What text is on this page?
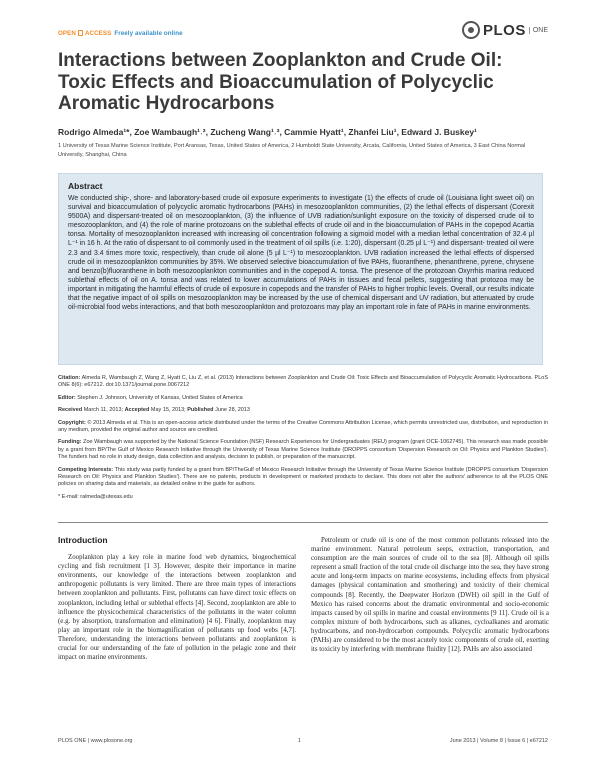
OPEN ACCESS Freely available online	PLOS	ONE
Interactions between Zooplankton and Crude Oil: Toxic Effects and Bioaccumulation of Polycyclic Aromatic Hydrocarbons
Rodrigo Almeda¹*, Zoe Wambaugh¹˒², Zucheng Wang¹˒³, Cammie Hyatt¹, Zhanfei Liu¹, Edward J. Buskey¹
1 University of Texas Marine Science Institute, Port Aransas, Texas, United States of America, 2 Humboldt State University, Arcata, California, United States of America, 3 East China Normal University, Shanghai, China
Abstract
We conducted ship-, shore- and laboratory-based crude oil exposure experiments to investigate (1) the effects of crude oil (Louisiana light sweet oil) on survival and bioaccumulation of polycyclic aromatic hydrocarbons (PAHs) in mesozooplankton communities, (2) the lethal effects of dispersant (Corexit 9500A) and dispersant-treated oil on mesozooplankton, (3) the influence of UVB radiation/sunlight exposure on the toxicity of dispersed crude oil to mesozooplankton, and (4) the role of marine protozoans on the sublethal effects of crude oil and in the bioaccumulation of PAHs in the copepod Acartia tonsa. Mortality of mesozooplankton increased with increasing oil concentration following a sigmoid model with a median lethal concentration of 32.4 µl L⁻¹ in 16 h. At the ratio of dispersant to oil commonly used in the treatment of oil spills (i.e. 1:20), dispersant (0.25 µl L⁻¹) and dispersant- treated oil were 2.3 and 3.4 times more toxic, respectively, than crude oil alone (5 µl L⁻¹) to mesozooplankton. UVB radiation increased the lethal effects of dispersed crude oil in mesozooplankton communities by 35%. We observed selective bioaccumulation of five PAHs, fluoranthene, phenanthrene, pyrene, chrysene and benzo(b)fluoranthene in both mesozooplankton communities and in the copepod A. tonsa. The presence of the protozoan Oxyrrhis marina reduced sublethal effects of oil on A. tonsa and was related to lower accumulations of PAHs in tissues and fecal pellets, suggesting that protozoa may be important in mitigating the harmful effects of crude oil exposure in copepods and the transfer of PAHs to higher trophic levels. Overall, our results indicate that the negative impact of oil spills on mesozooplankton may be increased by the use of chemical dispersant and UV radiation, but attenuated by crude oil-microbial food webs interactions, and that both mesozooplankton and protozoans may play an important role in fate of PAHs in marine environments.

Citation: Almeda R, Wambaugh Z, Wang Z, Hyatt C, Liu Z, et al. (2013) Interactions between Zooplankton and Crude Oil: Toxic Effects and Bioaccumulation of Polycyclic Aromatic Hydrocarbons. PLoS ONE 8(6): e67212. doi:10.1371/journal.pone.0067212

Editor: Stephen J. Johnson, University of Kansas, United States of America

Received March 11, 2013; Accepted May 15, 2013; Published June 28, 2013

Copyright: © 2013 Almeda et al. This is an open-access article distributed under the terms of the Creative Commons Attribution License, which permits unrestricted use, distribution, and reproduction in any medium, provided the original author and source are credited.

Funding: Zoe Wambaugh was supported by the National Science Foundation (NSF) Research Experiences for Undergraduates (REU) program (grant OCE-1062745). This research was made possible by a grant from BP/The Gulf of Mexico Research Initiative through the University of Texas Marine Science Institute (DROPPS consortium 'Dispersion Research on Oil: Physics and Plankton Studies'). The funders had no role in study design, data collection and analysis, decision to publish, or preparation of the manuscript.

Competing Interests: This study was partly funded by a grant from BP/TheGulf of Mexico Research Initiative through the University of Texas Marine Science Institute (DROPPS consortium 'Dispersion Research on Oil: Physics and Plankton Studies'). There are no patents, products in development or marketed products to declare. This does not alter the authors' adherence to all the PLOS ONE policies on sharing data and materials, as detailed online in the guide for authors.

* E-mail: ralmeda@utexas.edu

Introduction

Zooplankton play a key role in marine food web dynamics, biogeochemical cycling and fish recruitment [1 3]. However, despite their importance in marine environments, our knowledge of the interactions between zooplankton and anthropogenic pollutants is very limited. There are three main types of interactions between zooplankton and pollutants. First, pollutants can have direct toxic effects on zooplankton, including lethal or sublethal effects [4]. Second, zooplankton are able to influence the physicochemical characteristics of the pollutants in the water column (e.g. by absorption, transformation and elimination) [4 6]. Finally, zooplankton may play an important role in the biomagnification of pollutants up food webs [4,7]. Therefore, understanding the interactions between pollutants and zooplankton is crucial for our understanding of the fate of pollution in the pelagic zone and their impact on marine environments.

Petroleum or crude oil is one of the most common pollutants released into the marine environment. Natural petroleum seeps, extraction, transportation, and consumption are the main sources of crude oil to the sea [8]. Although oil spills represent a small fraction of the total crude oil discharge into the sea, they have strong acute and long-term impacts on marine ecosystems, including effects from physical damages (physical contamination and smothering) and toxicity of their chemical compounds [8]. Recently, the Deepwater Horizon (DWH) oil spill in the Gulf of Mexico has raised concerns about the dramatic environmental and socio-economic impacts caused by oil spills in marine and coastal environments [9 11]. Crude oil is a complex mixture of both hydrocarbons, such as alkanes, cycloalkanes and aromatic hydrocarbons, and non-hydrocarbon compounds. Polycyclic aromatic hydrocarbons (PAHs) are considered to be the most acutely toxic components of crude oil, exerting its toxicity by interfering with membrane fluidity [12]. PAHs are also associated

PLOS ONE | www.plosone.org	1	June 2013 | Volume 8 | Issue 6 | e67212
